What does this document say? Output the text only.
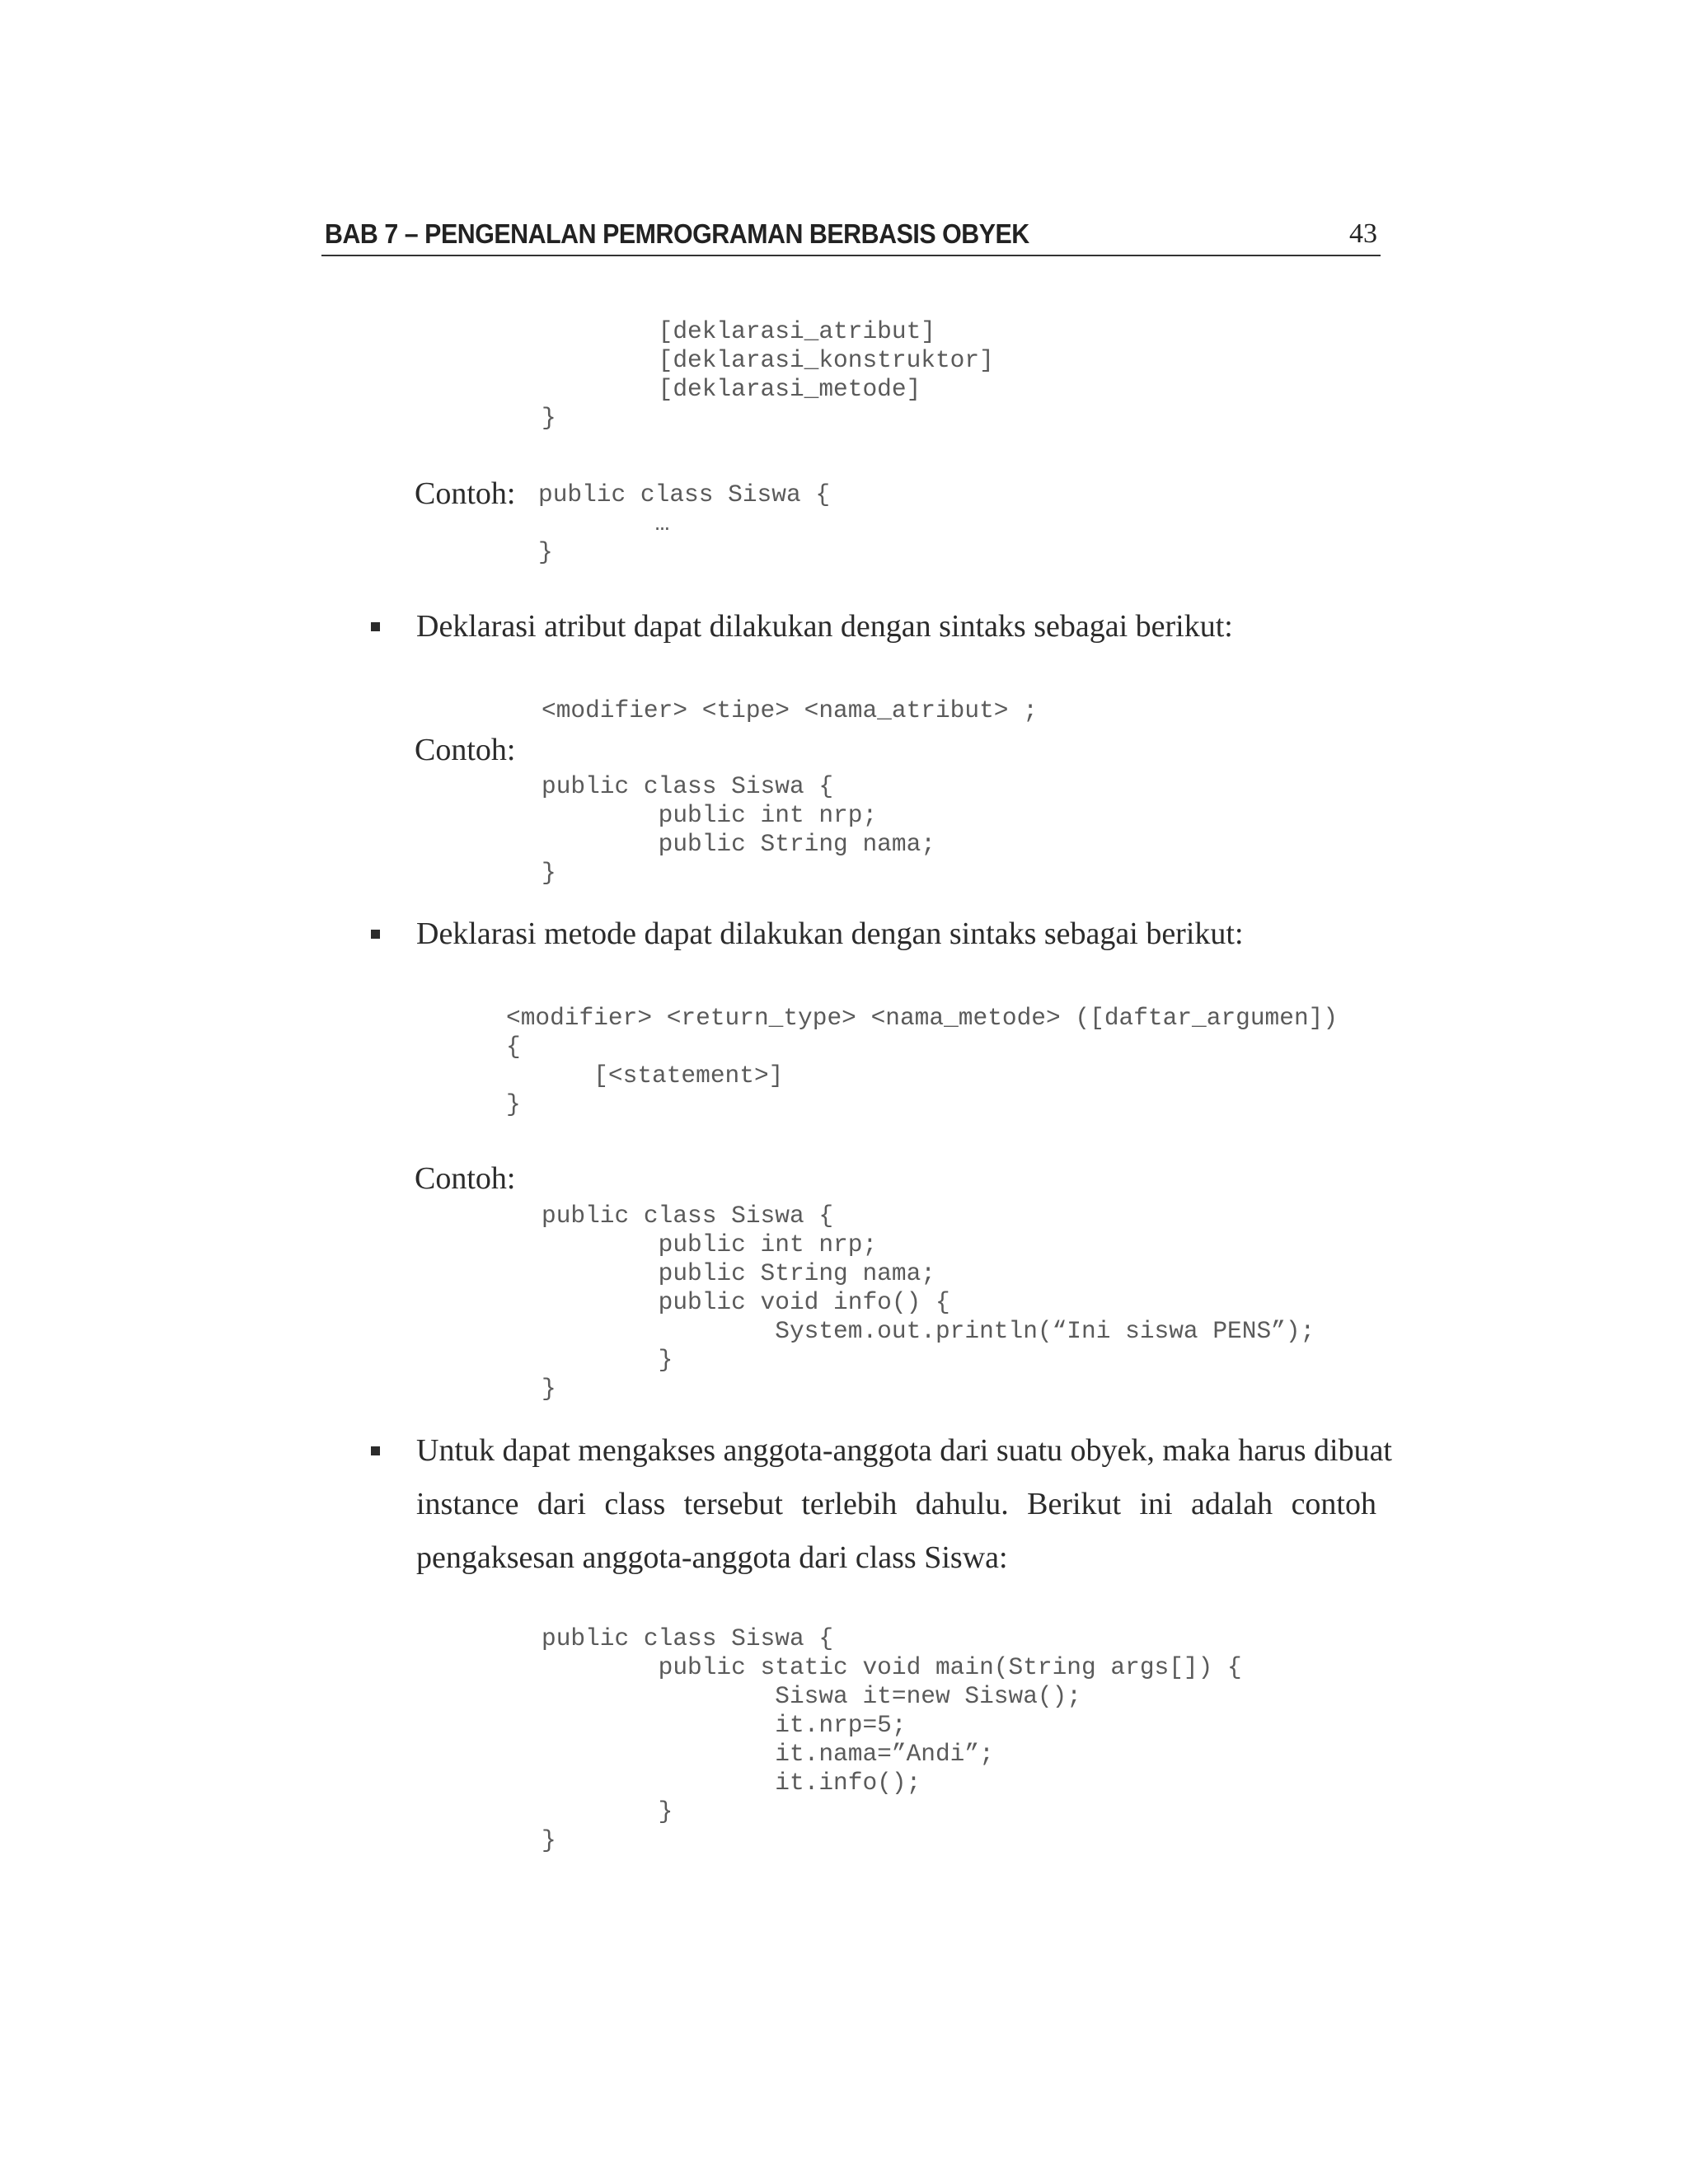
BAB 7 – PENGENALAN PEMROGRAMAN BERBASIS OBYEK	43
[deklarasi_atribut]
[deklarasi_konstruktor]
[deklarasi_metode]
}
Contoh: public class Siswa {
…
}
Deklarasi atribut dapat dilakukan dengan sintaks sebagai berikut:
<modifier> <tipe> <nama_atribut> ;
Contoh:
public class Siswa {
public int nrp;
public String nama;
}
Deklarasi metode dapat dilakukan dengan sintaks sebagai berikut:
<modifier> <return_type> <nama_metode> ([daftar_argumen])
{
[<statement>]
}
Contoh:
public class Siswa {
public int nrp;
public String nama;
public void info() {
System.out.println(“Ini siswa PENS”);
}
}
Untuk dapat mengakses anggota-anggota dari suatu obyek, maka harus dibuat
instance dari class tersebut terlebih dahulu. Berikut ini adalah contoh
pengaksesan anggota-anggota dari class Siswa:
public class Siswa {
public static void main(String args[]) {
Siswa it=new Siswa();
it.nrp=5;
it.nama=”Andi”;
it.info();
}
}
